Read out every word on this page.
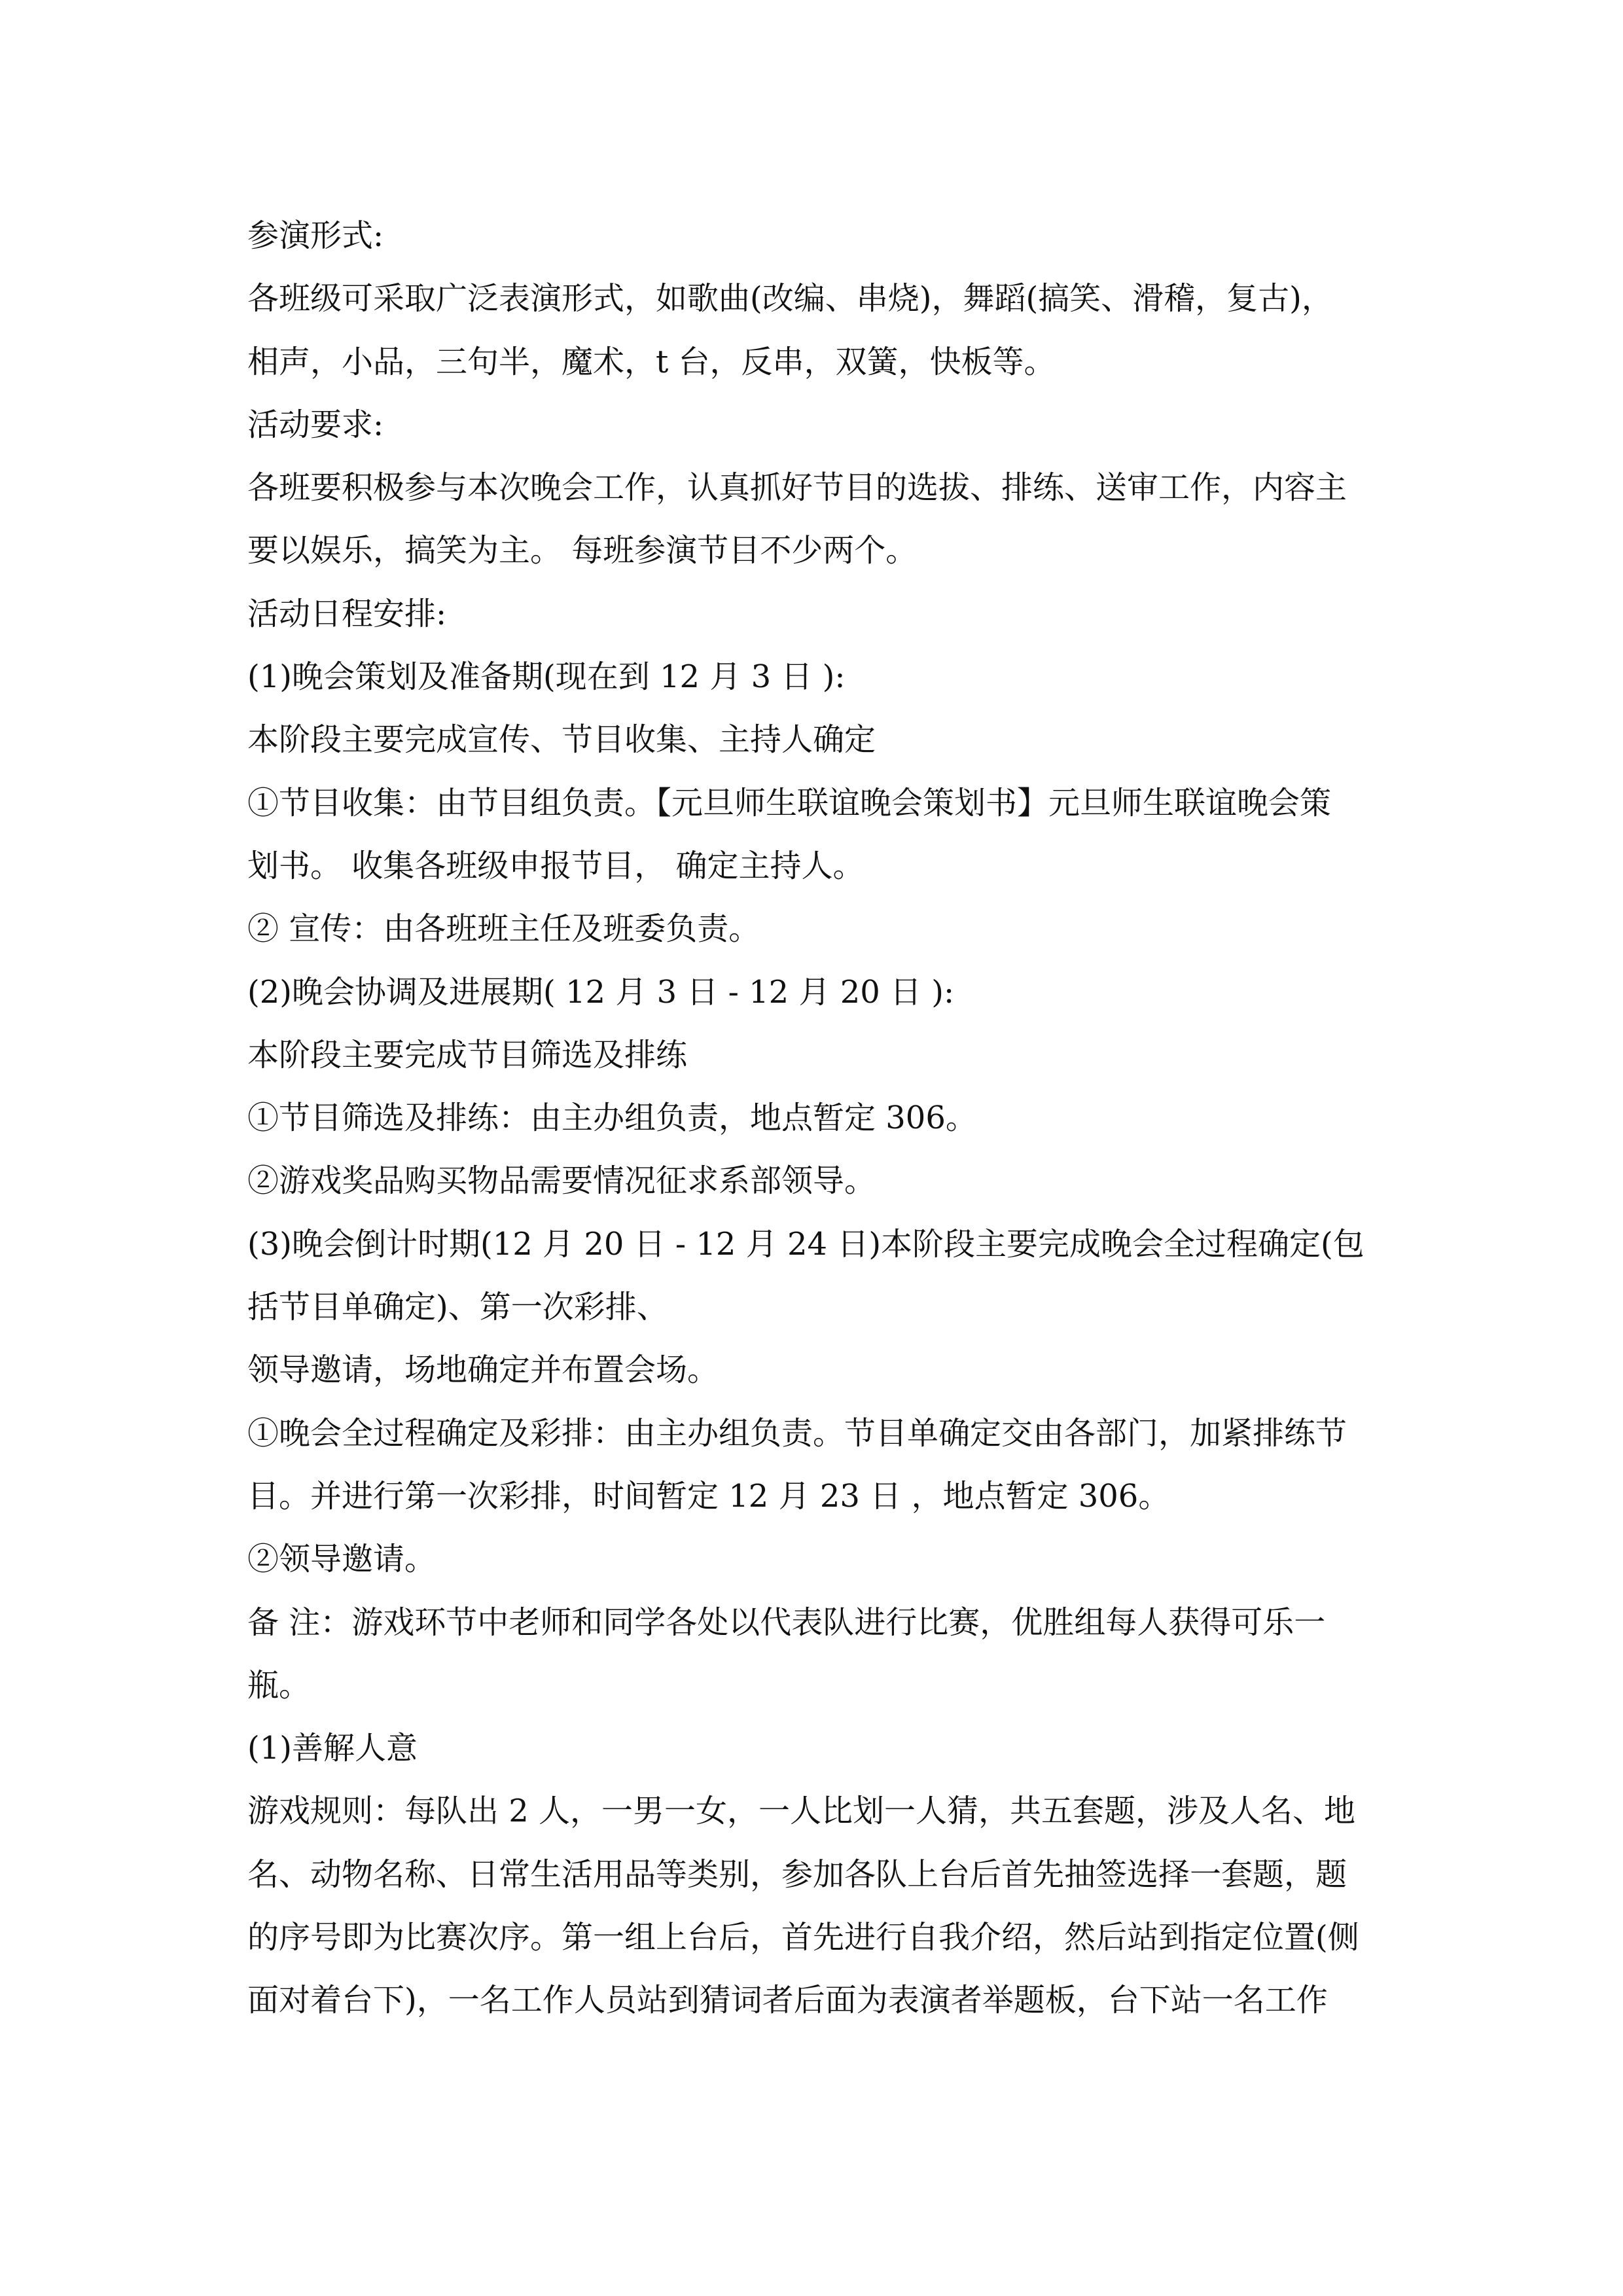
参演形式:
各班级可采取广泛表演形式，如歌曲(改编、串烧)，舞蹈(搞笑、滑稽，复古)，
相声，小品，三句半，魔术，t 台，反串，双簧，快板等。
活动要求:
各班要积极参与本次晚会工作，认真抓好节目的选拔、排练、送审工作，内容主
要以娱乐，搞笑为主。 每班参演节目不少两个。
活动日程安排:
(1)晚会策划及准备期(现在到 12 月 3 日 ):
本阶段主要完成宣传、节目收集、主持人确定
①节目收集：由节目组负责。【元旦师生联谊晚会策划书】元旦师生联谊晚会策
划书。 收集各班级申报节目， 确定主持人。
② 宣传：由各班班主任及班委负责。
(2)晚会协调及进展期( 12 月 3 日 - 12 月 20 日 ):
本阶段主要完成节目筛选及排练
①节目筛选及排练：由主办组负责，地点暂定 306。
②游戏奖品购买物品需要情况征求系部领导。
(3)晚会倒计时期(12 月 20 日 - 12 月 24 日)本阶段主要完成晚会全过程确定(包
括节目单确定)、第一次彩排、
领导邀请，场地确定并布置会场。
①晚会全过程确定及彩排：由主办组负责。节目单确定交由各部门，加紧排练节
目。并进行第一次彩排，时间暂定 12 月 23 日 ，地点暂定 306。
②领导邀请。
备 注：游戏环节中老师和同学各处以代表队进行比赛，优胜组每人获得可乐一
瓶。
(1)善解人意
游戏规则：每队出 2 人，一男一女，一人比划一人猜，共五套题，涉及人名、地
名、动物名称、日常生活用品等类别，参加各队上台后首先抽签选择一套题，题
的序号即为比赛次序。第一组上台后，首先进行自我介绍，然后站到指定位置(侧
面对着台下)，一名工作人员站到猜词者后面为表演者举题板，台下站一名工作
